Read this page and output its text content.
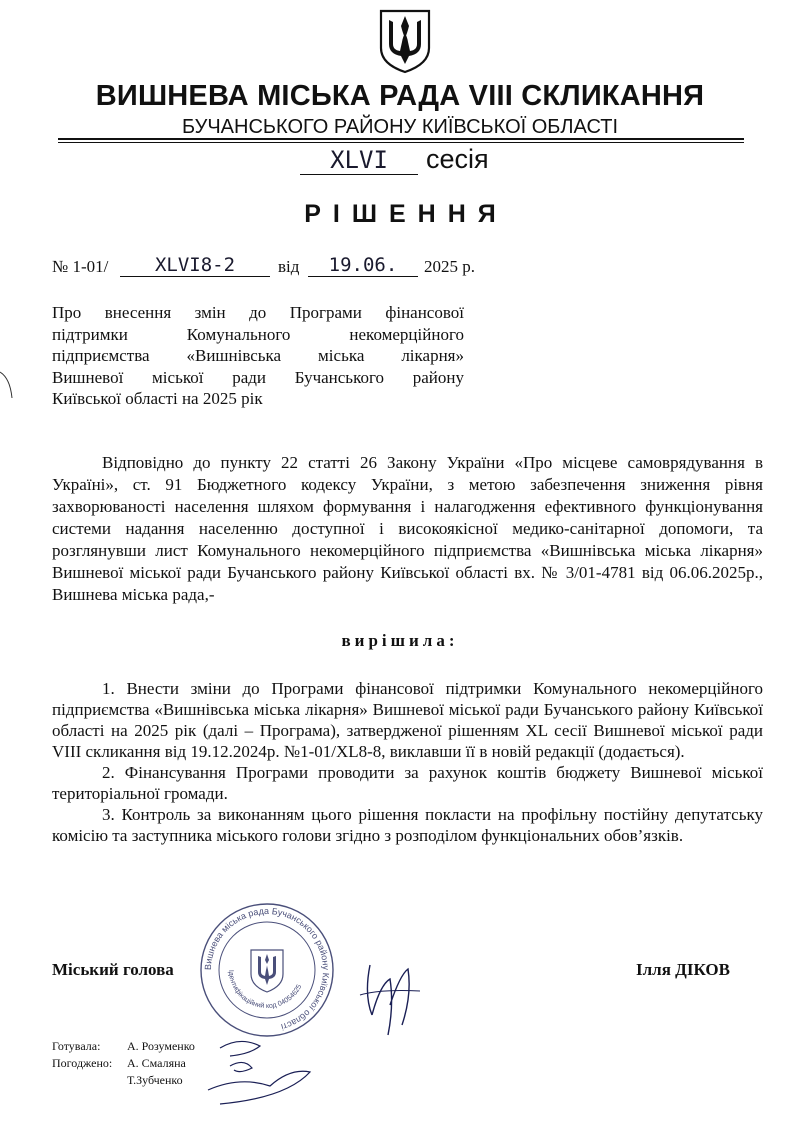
ВИШНЕВА МІСЬКА РАДА VIII СКЛИКАННЯ
БУЧАНСЬКОГО РАЙОНУ КИЇВСЬКОЇ ОБЛАСТІ
XLVI	сесія
РІШЕННЯ
№ 1-01/	XLVI8-2	від	19.06.	2025 р.
Про внесення змін до Програми фінансової
підтримки Комунального некомерційного
підприємства «Вишнівська міська лікарня»
Вишневої міської ради Бучанського району
Київської області на 2025 рік
Відповідно до пункту 22 статті 26 Закону України «Про місцеве самоврядування в Україні», ст. 91 Бюджетного кодексу України, з метою забезпечення зниження рівня захворюваності населення шляхом формування і налагодження ефективного функціонування системи надання населенню доступної і високоякісної медико-санітарної допомоги, та розглянувши лист Комунального некомерційного підприємства «Вишнівська міська лікарня» Вишневої міської ради Бучанського району Київської області вх. № 3/01-4781 від 06.06.2025р., Вишнева міська рада,-
вирішила:

1. Внести зміни до Програми фінансової підтримки Комунального некомерційного підприємства «Вишнівська міська лікарня» Вишневої міської ради Бучанського району Київської області на 2025 рік (далі – Програма), затвердженої рішенням XL сесії Вишневої міської ради VIII скликання від 19.12.2024р. №1-01/XL8-8, виклавши її в новій редакції (додається).

2. Фінансування Програми проводити за рахунок коштів бюджету Вишневої міської територіальної громади.

3. Контроль за виконанням цього рішення покласти на профільну постійну депутатську комісію та заступника міського голови згідно з розподілом функціональних обов’язків.

Вишнева міська рада Бучанського району Київської області
Ідентифікаційний код 04054625
Міський голова	Ілля ДІКОВ
Готувала: А. Розуменко
Погоджено: А. Смаляна
Т.Зубченко
